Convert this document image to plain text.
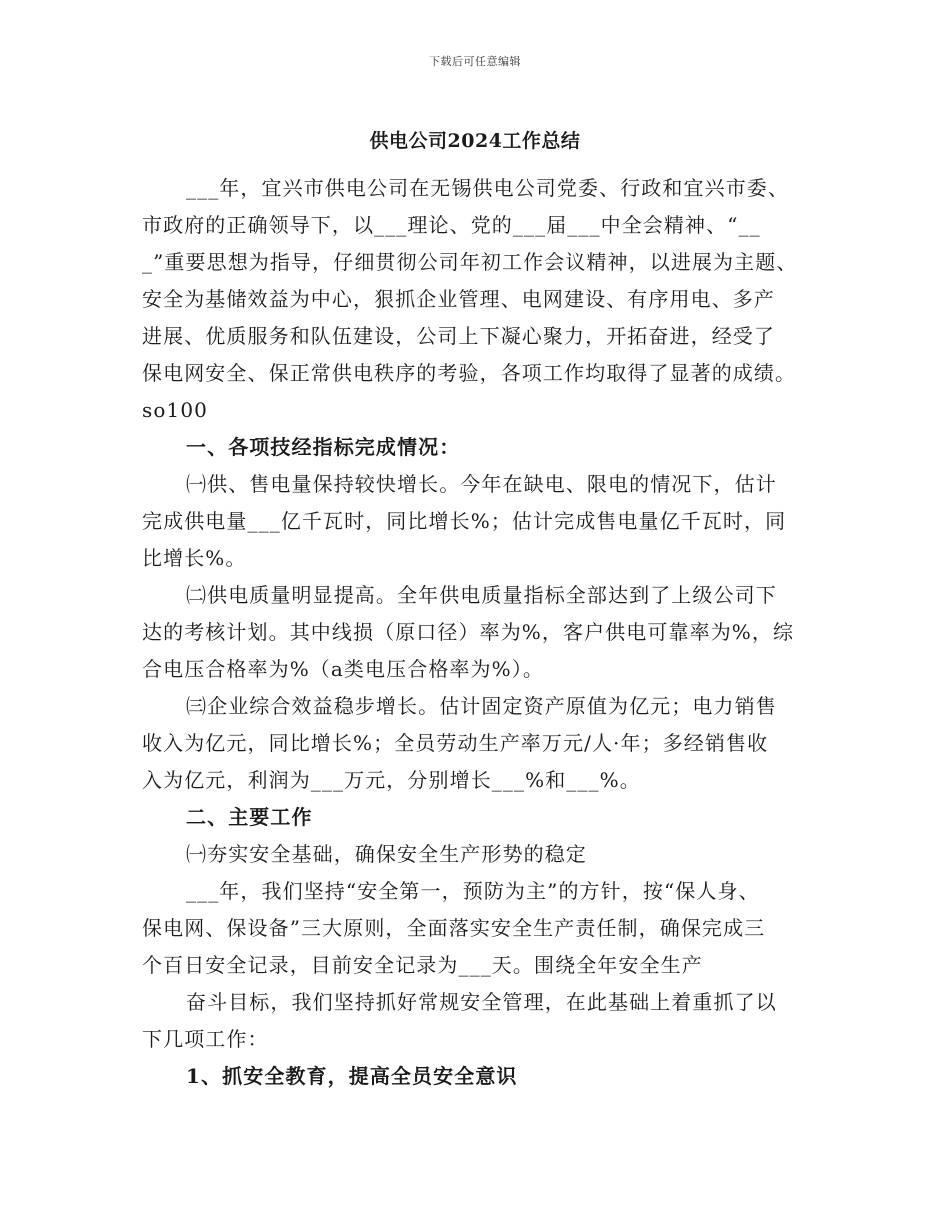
下载后可任意编辑
供电公司2024工作总结
___年，宜兴市供电公司在无锡供电公司党委、行政和宜兴市委、
市政府的正确领导下，以___理论、党的___届___中全会精神、“__
_”重要思想为指导，仔细贯彻公司年初工作会议精神，以进展为主题、
安全为基储效益为中心，狠抓企业管理、电网建设、有序用电、多产
进展、优质服务和队伍建设，公司上下凝心聚力，开拓奋进，经受了
保电网安全、保正常供电秩序的考验，各项工作均取得了显著的成绩。
so100
一、各项技经指标完成情况：
㈠供、售电量保持较快增长。今年在缺电、限电的情况下，估计
完成供电量___亿千瓦时，同比增长%；估计完成售电量亿千瓦时，同
比增长%。
㈡供电质量明显提高。全年供电质量指标全部达到了上级公司下
达的考核计划。其中线损（原口径）率为%，客户供电可靠率为%，综
合电压合格率为%（a类电压合格率为%）。
㈢企业综合效益稳步增长。估计固定资产原值为亿元；电力销售
收入为亿元，同比增长%；全员劳动生产率万元/人·年；多经销售收
入为亿元，利润为___万元，分别增长___%和___%。
二、主要工作
㈠夯实安全基础，确保安全生产形势的稳定
___年，我们坚持“安全第一，预防为主”的方针，按“保人身、
保电网、保设备”三大原则，全面落实安全生产责任制，确保完成三
个百日安全记录，目前安全记录为___天。围绕全年安全生产
奋斗目标，我们坚持抓好常规安全管理，在此基础上着重抓了以
下几项工作：
1、抓安全教育，提高全员安全意识
